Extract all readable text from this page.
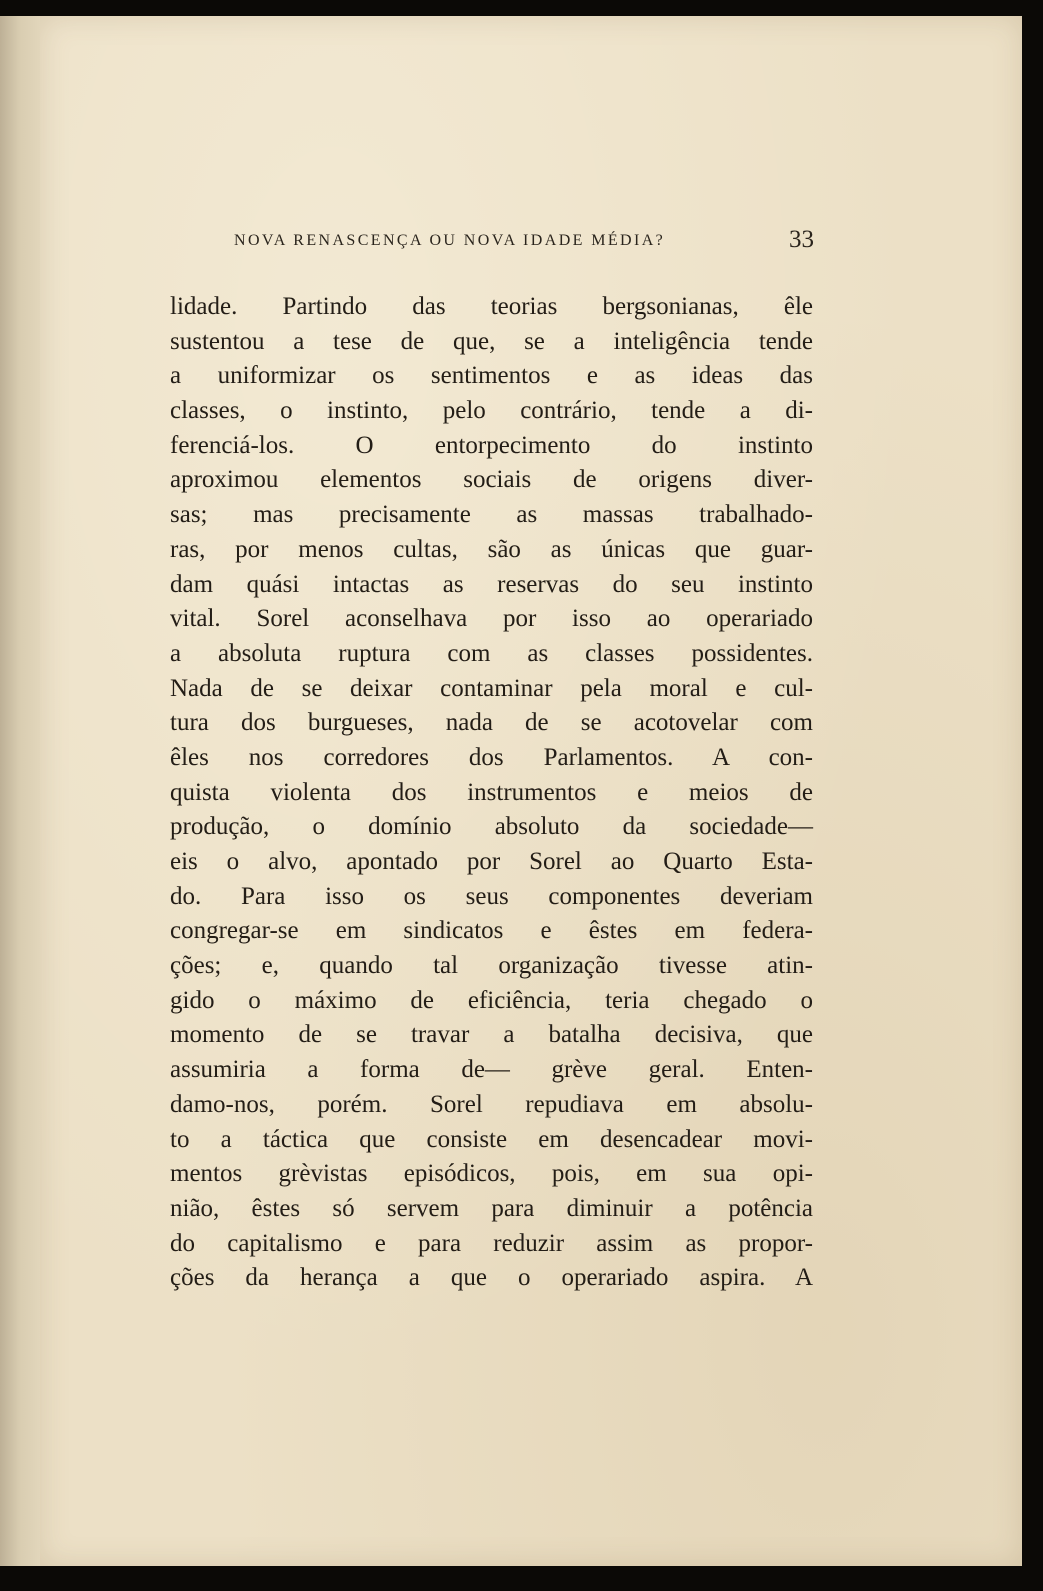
NOVA RENASCENÇA OU NOVA IDADE MÉDIA?	33
lidade. Partindo das teorias bergsonianas, êle
sustentou a tese de que, se a inteligência tende
a uniformizar os sentimentos e as ideas das
classes, o instinto, pelo contrário, tende a di-
ferenciá-los. O entorpecimento do instinto
aproximou elementos sociais de origens diver-
sas; mas precisamente as massas trabalhado-
ras, por menos cultas, são as únicas que guar-
dam quási intactas as reservas do seu instinto
vital. Sorel aconselhava por isso ao operariado
a absoluta ruptura com as classes possidentes.
Nada de se deixar contaminar pela moral e cul-
tura dos burgueses, nada de se acotovelar com
êles nos corredores dos Parlamentos. A con-
quista violenta dos instrumentos e meios de
produção, o domínio absoluto da sociedade—
eis o alvo, apontado por Sorel ao Quarto Esta-
do. Para isso os seus componentes deveriam
congregar-se em sindicatos e êstes em federa-
ções; e, quando tal organização tivesse atin-
gido o máximo de eficiência, teria chegado o
momento de se travar a batalha decisiva, que
assumiria a forma de— grève geral. Enten-
damo-nos, porém. Sorel repudiava em absolu-
to a táctica que consiste em desencadear movi-
mentos grèvistas episódicos, pois, em sua opi-
nião, êstes só servem para diminuir a potência
do capitalismo e para reduzir assim as propor-
ções da herança a que o operariado aspira. A
